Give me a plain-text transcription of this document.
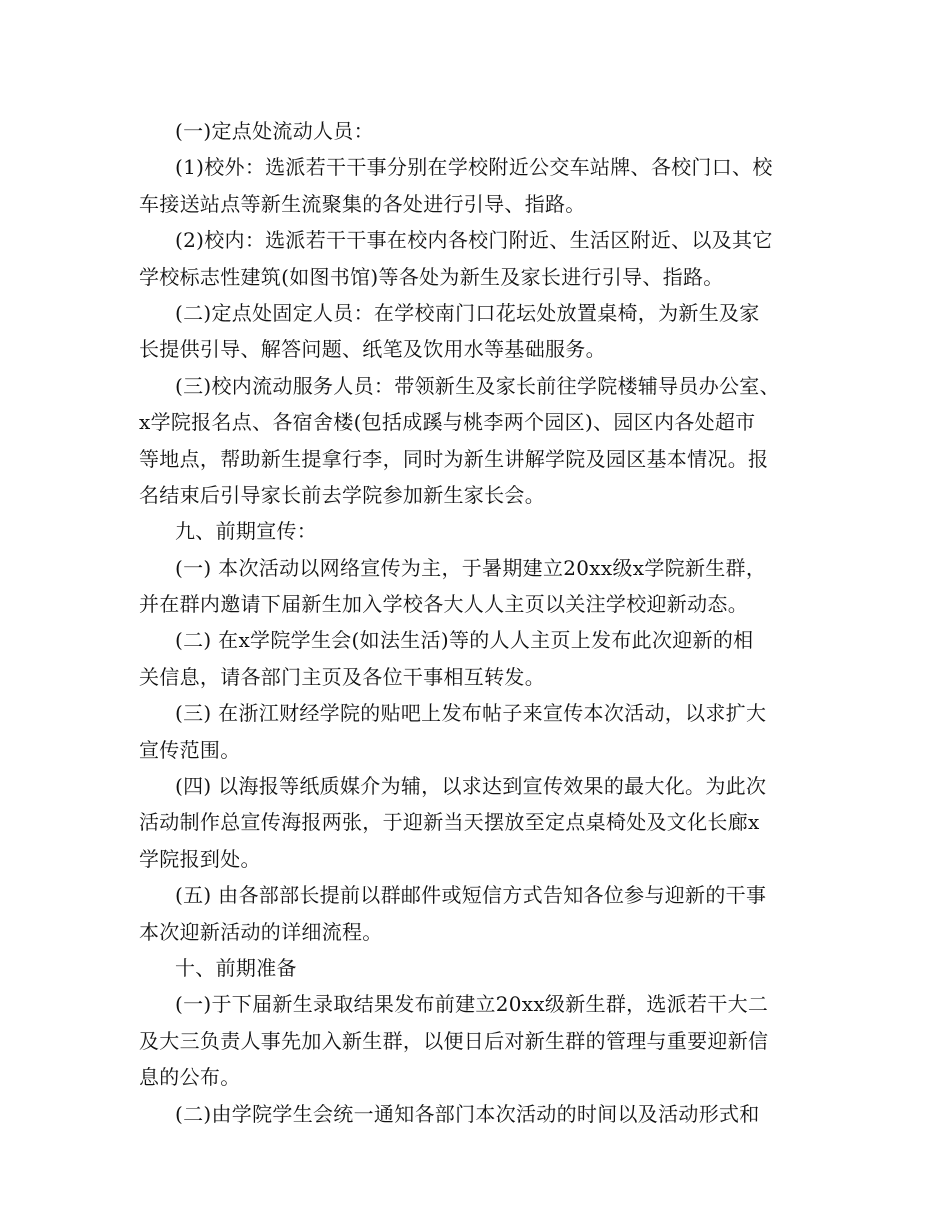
(一)定点处流动人员：
(1)校外：选派若干干事分别在学校附近公交车站牌、各校门口、校
车接送站点等新生流聚集的各处进行引导、指路。
(2)校内：选派若干干事在校内各校门附近、生活区附近、以及其它
学校标志性建筑(如图书馆)等各处为新生及家长进行引导、指路。
(二)定点处固定人员：在学校南门口花坛处放置桌椅，为新生及家
长提供引导、解答问题、纸笔及饮用水等基础服务。
(三)校内流动服务人员：带领新生及家长前往学院楼辅导员办公室、
x学院报名点、各宿舍楼(包括成蹊与桃李两个园区)、园区内各处超市
等地点，帮助新生提拿行李，同时为新生讲解学院及园区基本情况。报
名结束后引导家长前去学院参加新生家长会。
九、前期宣传：
(一) 本次活动以网络宣传为主，于暑期建立20xx级x学院新生群，
并在群内邀请下届新生加入学校各大人人主页以关注学校迎新动态。
(二) 在x学院学生会(如法生活)等的人人主页上发布此次迎新的相
关信息，请各部门主页及各位干事相互转发。
(三) 在浙江财经学院的贴吧上发布帖子来宣传本次活动，以求扩大
宣传范围。
(四) 以海报等纸质媒介为辅，以求达到宣传效果的最大化。为此次
活动制作总宣传海报两张，于迎新当天摆放至定点桌椅处及文化长廊x
学院报到处。
(五) 由各部部长提前以群邮件或短信方式告知各位参与迎新的干事
本次迎新活动的详细流程。
十、前期准备
(一)于下届新生录取结果发布前建立20xx级新生群，选派若干大二
及大三负责人事先加入新生群，以便日后对新生群的管理与重要迎新信
息的公布。
(二)由学院学生会统一通知各部门本次活动的时间以及活动形式和
